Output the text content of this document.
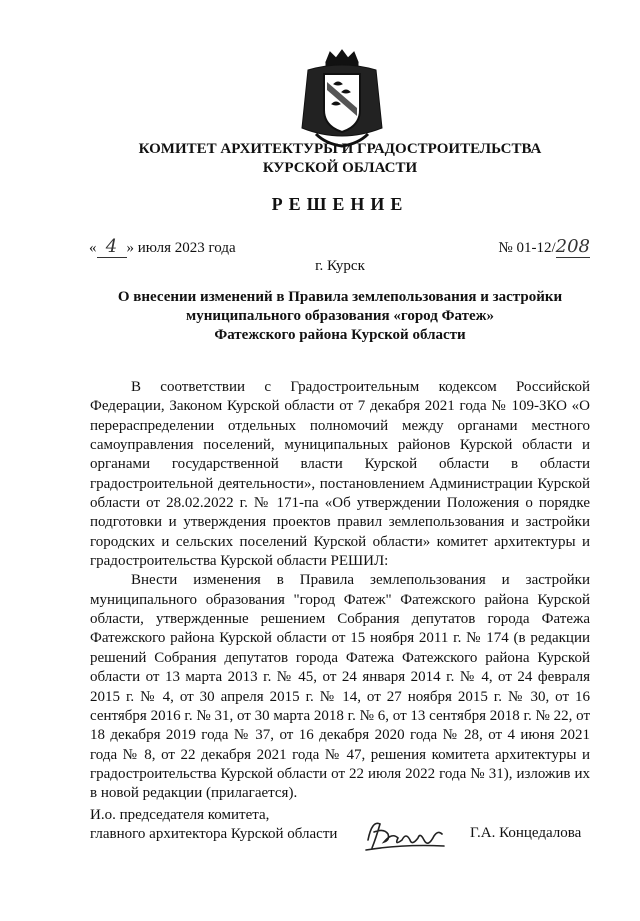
КОМИТЕТ АРХИТЕКТУРЫ И ГРАДОСТРОИТЕЛЬСТВА
КУРСКОЙ ОБЛАСТИ
РЕШЕНИЕ
« 4 » июля 2023 года	№ 01-12/208
г. Курск
О внесении изменений в Правила землепользования и застройки
муниципального образования «город Фатеж»
Фатежского района Курской области

В соответствии с Градостроительным кодексом Российской Федерации, Законом Курской области от 7 декабря 2021 года № 109-ЗКО «О перераспределении отдельных полномочий между органами местного самоуправления поселений, муниципальных районов Курской области и органами государственной власти Курской области в области градостроительной деятельности», постановлением Администрации Курской области от 28.02.2022 г. № 171-па «Об утверждении Положения о порядке подготовки и утверждения проектов правил землепользования и застройки городских и сельских поселений Курской области» комитет архитектуры и градостроительства Курской области РЕШИЛ:

Внести изменения в Правила землепользования и застройки муниципального образования "город Фатеж" Фатежского района Курской области, утвержденные решением Собрания депутатов города Фатежа Фатежского района Курской области от 15 ноября 2011 г. № 174 (в редакции решений Собрания депутатов города Фатежа Фатежского района Курской области от 13 марта 2013 г. № 45, от 24 января 2014 г. № 4, от 24 февраля 2015 г. № 4, от 30 апреля 2015 г. № 14, от 27 ноября 2015 г. № 30, от 16 сентября 2016 г. № 31, от 30 марта 2018 г. № 6, от 13 сентября 2018 г. № 22, от 18 декабря 2019 года № 37, от 16 декабря 2020 года № 28, от 4 июня 2021 года № 8, от 22 декабря 2021 года № 47, решения комитета архитектуры и градостроительства Курской области от 22 июля 2022 года № 31), изложив их в новой редакции (прилагается).

И.о. председателя комитета,
главного архитектора Курской области	Г.А. Концедалова
